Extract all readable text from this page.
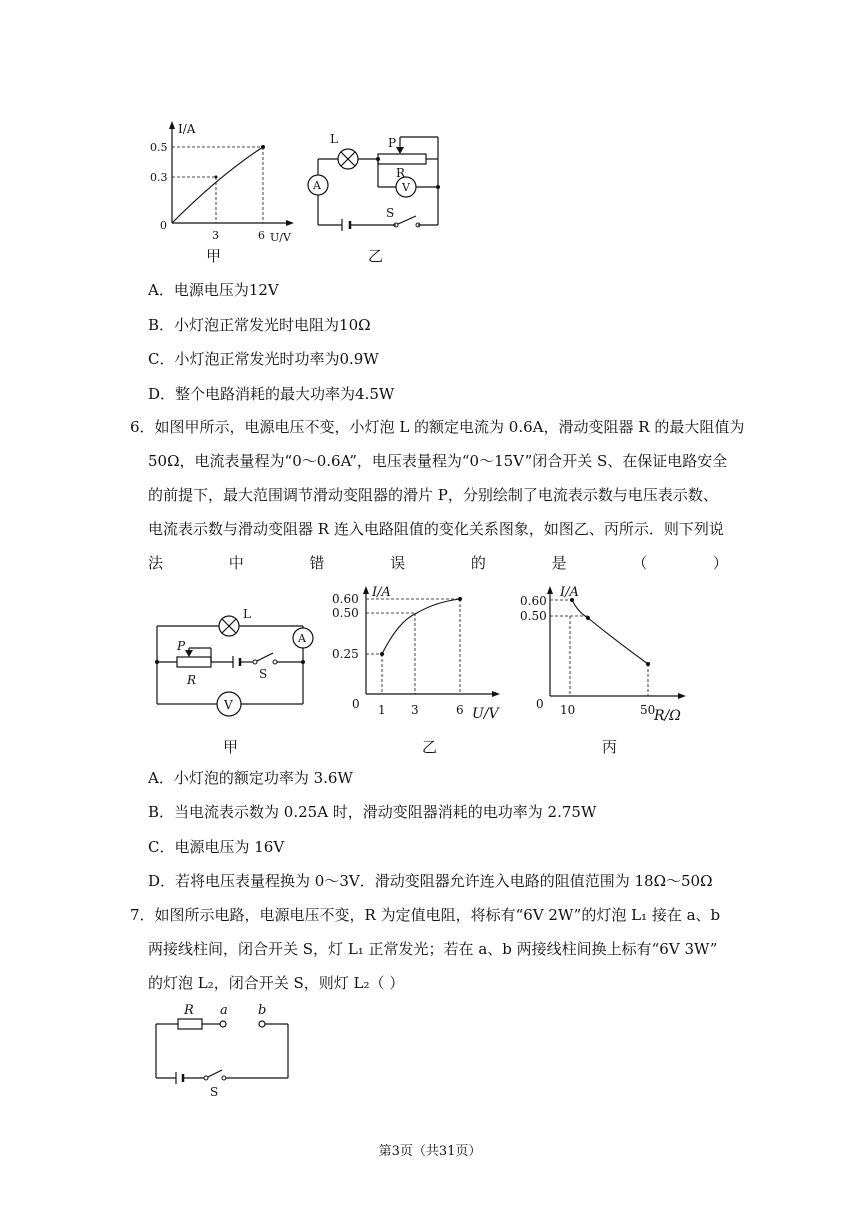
I/A
0.5
0.3
0
3	6 U/V
甲
L	P
R
V
A
S
乙
A．电源电压为12V
B．小灯泡正常发光时电阻为10Ω
C．小灯泡正常发光时功率为0.9W
D．整个电路消耗的最大功率为4.5W
6．如图甲所示，电源电压不变，小灯泡 L 的额定电流为 0.6A，滑动变阻器 R 的最大阻值为
50Ω，电流表量程为“0～0.6A”，电压表量程为“0～15V”闭合开关 S、在保证电路安全
的前提下，最大范围调节滑动变阻器的滑片 P，分别绘制了电流表示数与电压表示数、
电流表示数与滑动变阻器 R 连入电路阻值的变化关系图象，如图乙、丙所示．则下列说
法	中	错	误	的	是	（	）
L
A
P
R	S
V
甲
I/A
0.60
0.50
0.25
0 1 3	6 U/V
乙
I/A
0.60
0.50
0 10	50
R/Ω
丙
A．小灯泡的额定功率为 3.6W
B．当电流表示数为 0.25A 时，滑动变阻器消耗的电功率为 2.75W
C．电源电压为 16V
D．若将电压表量程换为 0～3V．滑动变阻器允许连入电路的阻值范围为 18Ω～50Ω
7．如图所示电路，电源电压不变，R 为定值电阻，将标有“6V 2W”的灯泡 L₁ 接在 a、b
两接线柱间，闭合开关 S，灯 L₁ 正常发光；若在 a、b 两接线柱间换上标有“6V 3W”
的灯泡 L₂，闭合开关 S，则灯 L₂（ ）
R a b
S
第3页（共31页）
